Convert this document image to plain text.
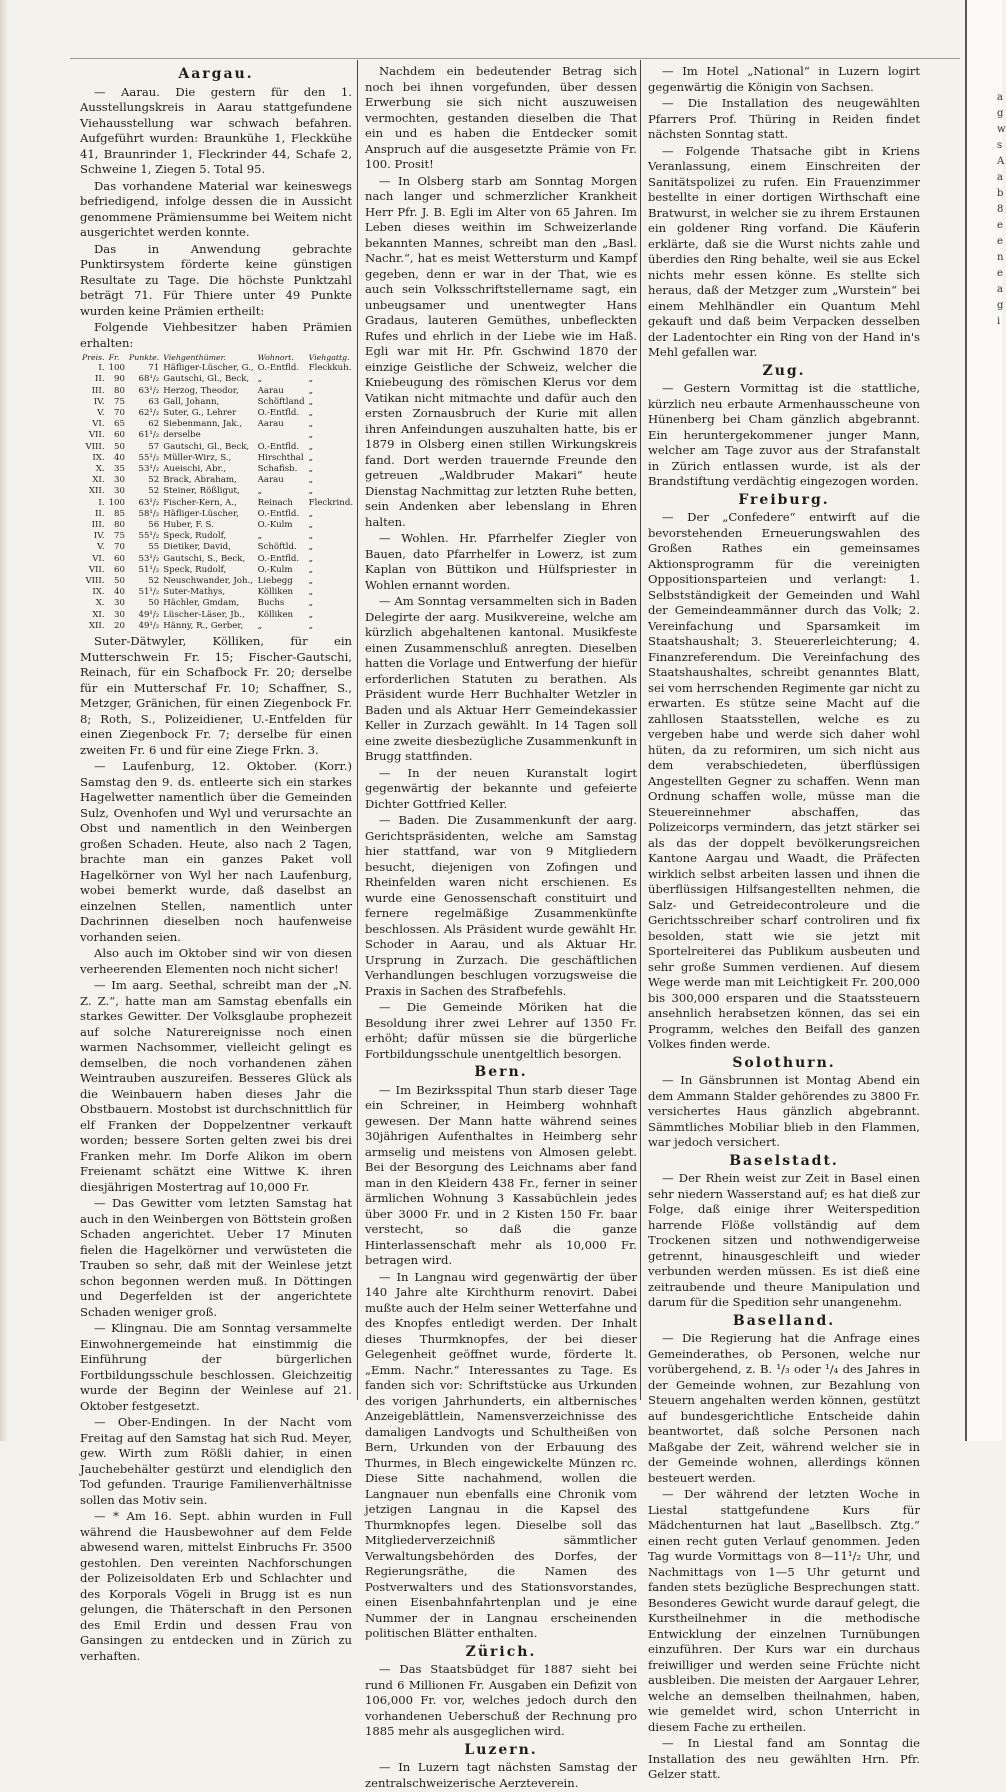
a g w s A a b 8 e e n e a g i
Aargau.

— Aarau. Die gestern für den 1. Ausstellungskreis in Aarau stattgefundene Viehausstellung war schwach befahren. Aufgeführt wurden: Braunkühe 1, Fleckkühe 41, Braunrinder 1, Fleckrinder 44, Schafe 2, Schweine 1, Ziegen 5. Total 95.

Das vorhandene Material war keineswegs befriedigend, infolge dessen die in Aussicht genommene Prämiensumme bei Weitem nicht ausgerichtet werden konnte.

Das in Anwendung gebrachte Punktirsystem förderte keine günstigen Resultate zu Tage. Die höchste Punktzahl beträgt 71. Für Thiere unter 49 Punkte wurden keine Prämien ertheilt:

Folgende Viehbesitzer haben Prämien erhalten:

Preis.	Fr.	Punkte.	Viehgenthümer.	Wohnort.	Viehgattg.
I.	100	71	Häfliger-Lüscher, G.,	O.-Entfld.	Fleckkuh.
II.	90	68¹/₂	Gautschi, Gl., Beck,	„	„
III.	80	63¹/₂	Herzog, Theodor,	Aarau	„
IV.	75	63	Gall, Johann,	Schöftland	„
V.	70	62¹/₂	Suter, G., Lehrer	O.-Entfld.	„
VI.	65	62	Siebenmann, Jak.,	Aarau	„
VII.	60	61¹/₂	derselbe		„
VIII.	50	57	Gautschi, Gl., Beck,	O.-Entfld.	„
IX.	40	55¹/₂	Müller-Wirz, S.,	Hirschthal	„
X.	35	53¹/₂	Aueischi, Abr.,	Schafisb.	„
XI.	30	52	Brack, Abraham,	Aarau	„
XII.	30	52	Steiner, Rößligut,	„	„
I.	100	63¹/₂	Fischer-Kern, A.,	Reinach	Fleckrind.
II.	85	58¹/₂	Häfliger-Lüscher,	O.-Entfld.	„
III.	80	56	Huber, F. S.	O.-Kulm	„
IV.	75	55¹/₂	Speck, Rudolf,	„	„
V.	70	55	Dietiker, David,	Schöftld.	„
VI.	60	53¹/₂	Gautschi, S., Beck,	O.-Entfld.	„
VII.	60	51¹/₂	Speck, Rudolf,	O.-Kulm	„
VIII.	50	52	Neuschwander, Joh.,	Liebegg	„
IX.	40	51¹/₂	Suter-Mathys,	Kölliken	„
X.	30	50	Hächler, Gmdam,	Buchs	„
XI.	30	49¹/₂	Lüscher-Läser, Jb.,	Kölliken	„
XII.	20	49¹/₂	Hänny, R., Gerber,	„	„

Suter-Dätwyler, Kölliken, für ein Mutterschwein Fr. 15; Fischer-Gautschi, Reinach, für ein Schafbock Fr. 20; derselbe für ein Mutterschaf Fr. 10; Schaffner, S., Metzger, Gränichen, für einen Ziegenbock Fr. 8; Roth, S., Polizeidiener, U.-Entfelden für einen Ziegenbock Fr. 7; derselbe für einen zweiten Fr. 6 und für eine Ziege Frkn. 3.

— Laufenburg, 12. Oktober. (Korr.) Samstag den 9. ds. entleerte sich ein starkes Hagelwetter namentlich über die Gemeinden Sulz, Ovenhofen und Wyl und verursachte an Obst und namentlich in den Weinbergen großen Schaden. Heute, also nach 2 Tagen, brachte man ein ganzes Paket voll Hagelkörner von Wyl her nach Laufenburg, wobei bemerkt wurde, daß daselbst an einzelnen Stellen, namentlich unter Dachrinnen dieselben noch haufenweise vorhanden seien.

Also auch im Oktober sind wir von diesen verheerenden Elementen noch nicht sicher!

— Im aarg. Seethal, schreibt man der „N. Z. Z.“, hatte man am Samstag ebenfalls ein starkes Gewitter. Der Volksglaube prophezeit auf solche Naturereignisse noch einen warmen Nachsommer, vielleicht gelingt es demselben, die noch vorhandenen zähen Weintrauben auszureifen. Besseres Glück als die Weinbauern haben dieses Jahr die Obstbauern. Mostobst ist durchschnittlich für elf Franken der Doppelzentner verkauft worden; bessere Sorten gelten zwei bis drei Franken mehr. Im Dorfe Alikon im obern Freienamt schätzt eine Wittwe K. ihren diesjährigen Mostertrag auf 10,000 Fr.

— Das Gewitter vom letzten Samstag hat auch in den Weinbergen von Böttstein großen Schaden angerichtet. Ueber 17 Minuten fielen die Hagelkörner und verwüsteten die Trauben so sehr, daß mit der Weinlese jetzt schon begonnen werden muß. In Döttingen und Degerfelden ist der angerichtete Schaden weniger groß.

— Klingnau. Die am Sonntag versammelte Einwohnergemeinde hat einstimmig die Einführung der bürgerlichen Fortbildungsschule beschlossen. Gleichzeitig wurde der Beginn der Weinlese auf 21. Oktober festgesetzt.

— Ober-Endingen. In der Nacht vom Freitag auf den Samstag hat sich Rud. Meyer, gew. Wirth zum Rößli dahier, in einen Jauchebehälter gestürzt und elendiglich den Tod gefunden. Traurige Familienverhältnisse sollen das Motiv sein.

— * Am 16. Sept. abhin wurden in Full während die Hausbewohner auf dem Felde abwesend waren, mittelst Einbruchs Fr. 3500 gestohlen. Den vereinten Nachforschungen der Polizeisoldaten Erb und Schlachter und des Korporals Vögeli in Brugg ist es nun gelungen, die Thäterschaft in den Personen des Emil Erdin und dessen Frau von Gansingen zu entdecken und in Zürich zu verhaften.

Nachdem ein bedeutender Betrag sich noch bei ihnen vorgefunden, über dessen Erwerbung sie sich nicht auszuweisen vermochten, gestanden dieselben die That ein und es haben die Entdecker somit Anspruch auf die ausgesetzte Prämie von Fr. 100. Prosit!

— In Olsberg starb am Sonntag Morgen nach langer und schmerzlicher Krankheit Herr Pfr. J. B. Egli im Alter von 65 Jahren. Im Leben dieses weithin im Schweizerlande bekannten Mannes, schreibt man den „Basl. Nachr.“, hat es meist Wettersturm und Kampf gegeben, denn er war in der That, wie es auch sein Volksschriftstellername sagt, ein unbeugsamer und unentwegter Hans Gradaus, lauteren Gemüthes, unbefleckten Rufes und ehrlich in der Liebe wie im Haß. Egli war mit Hr. Pfr. Gschwind 1870 der einzige Geistliche der Schweiz, welcher die Kniebeugung des römischen Klerus vor dem Vatikan nicht mitmachte und dafür auch den ersten Zornausbruch der Kurie mit allen ihren Anfeindungen auszuhalten hatte, bis er 1879 in Olsberg einen stillen Wirkungskreis fand. Dort werden trauernde Freunde den getreuen „Waldbruder Makari“ heute Dienstag Nachmittag zur letzten Ruhe betten, sein Andenken aber lebenslang in Ehren halten.

— Wohlen. Hr. Pfarrhelfer Ziegler von Bauen, dato Pfarrhelfer in Lowerz, ist zum Kaplan von Büttikon und Hülfspriester in Wohlen ernannt worden.

— Am Sonntag versammelten sich in Baden Delegirte der aarg. Musikvereine, welche am kürzlich abgehaltenen kantonal. Musikfeste einen Zusammenschluß anregten. Dieselben hatten die Vorlage und Entwerfung der hiefür erforderlichen Statuten zu berathen. Als Präsident wurde Herr Buchhalter Wetzler in Baden und als Aktuar Herr Gemeindekassier Keller in Zurzach gewählt. In 14 Tagen soll eine zweite diesbezügliche Zusammenkunft in Brugg stattfinden.

— In der neuen Kuranstalt logirt gegenwärtig der bekannte und gefeierte Dichter Gottfried Keller.

— Baden. Die Zusammenkunft der aarg. Gerichtspräsidenten, welche am Samstag hier stattfand, war von 9 Mitgliedern besucht, diejenigen von Zofingen und Rheinfelden waren nicht erschienen. Es wurde eine Genossenschaft constituirt und fernere regelmäßige Zusammenkünfte beschlossen. Als Präsident wurde gewählt Hr. Schoder in Aarau, und als Aktuar Hr. Ursprung in Zurzach. Die geschäftlichen Verhandlungen beschlugen vorzugsweise die Praxis in Sachen des Strafbefehls.

— Die Gemeinde Möriken hat die Besoldung ihrer zwei Lehrer auf 1350 Fr. erhöht; dafür müssen sie die bürgerliche Fortbildungsschule unentgeltlich besorgen.

Bern.

— Im Bezirksspital Thun starb dieser Tage ein Schreiner, in Heimberg wohnhaft gewesen. Der Mann hatte während seines 30jährigen Aufenthaltes in Heimberg sehr armselig und meistens von Almosen gelebt. Bei der Besorgung des Leichnams aber fand man in den Kleidern 438 Fr., ferner in seiner ärmlichen Wohnung 3 Kassabüchlein jedes über 3000 Fr. und in 2 Kisten 150 Fr. baar verstecht, so daß die ganze Hinterlassenschaft mehr als 10,000 Fr. betragen wird.

— In Langnau wird gegenwärtig der über 140 Jahre alte Kirchthurm renovirt. Dabei mußte auch der Helm seiner Wetterfahne und des Knopfes entledigt werden. Der Inhalt dieses Thurmknopfes, der bei dieser Gelegenheit geöffnet wurde, förderte lt. „Emm. Nachr.“ Interessantes zu Tage. Es fanden sich vor: Schriftstücke aus Urkunden des vorigen Jahrhunderts, ein altbernisches Anzeigeblättlein, Namensverzeichnisse des damaligen Landvogts und Schultheißen von Bern, Urkunden von der Erbauung des Thurmes, in Blech eingewickelte Münzen rc. Diese Sitte nachahmend, wollen die Langnauer nun ebenfalls eine Chronik vom jetzigen Langnau in die Kapsel des Thurmknopfes legen. Dieselbe soll das Mitgliederverzeichniß sämmtlicher Verwaltungsbehörden des Dorfes, der Regierungsräthe, die Namen des Postverwalters und des Stationsvorstandes, einen Eisenbahnfahrtenplan und je eine Nummer der in Langnau erscheinenden politischen Blätter enthalten.

Zürich.

— Das Staatsbüdget für 1887 sieht bei rund 6 Millionen Fr. Ausgaben ein Defizit von 106,000 Fr. vor, welches jedoch durch den vorhandenen Ueberschuß der Rechnung pro 1885 mehr als ausgeglichen wird.

Luzern.

— In Luzern tagt nächsten Samstag der zentralschweizerische Aerzteverein.

— Im Hotel „National“ in Luzern logirt gegenwärtig die Königin von Sachsen.

— Die Installation des neugewählten Pfarrers Prof. Thüring in Reiden findet nächsten Sonntag statt.

— Folgende Thatsache gibt in Kriens Veranlassung, einem Einschreiten der Sanitätspolizei zu rufen. Ein Frauenzimmer bestellte in einer dortigen Wirthschaft eine Bratwurst, in welcher sie zu ihrem Erstaunen ein goldener Ring vorfand. Die Käuferin erklärte, daß sie die Wurst nichts zahle und überdies den Ring behalte, weil sie aus Eckel nichts mehr essen könne. Es stellte sich heraus, daß der Metzger zum „Wurstein“ bei einem Mehlhändler ein Quantum Mehl gekauft und daß beim Verpacken desselben der Ladentochter ein Ring von der Hand in's Mehl gefallen war.

Zug.

— Gestern Vormittag ist die stattliche, kürzlich neu erbaute Armenhausscheune von Hünenberg bei Cham gänzlich abgebrannt. Ein heruntergekommener junger Mann, welcher am Tage zuvor aus der Strafanstalt in Zürich entlassen wurde, ist als der Brandstiftung verdächtig eingezogen worden.

Freiburg.

— Der „Confedere“ entwirft auf die bevorstehenden Erneuerungswahlen des Großen Rathes ein gemeinsames Aktionsprogramm für die vereinigten Oppositionsparteien und verlangt: 1. Selbstständigkeit der Gemeinden und Wahl der Gemeindeammänner durch das Volk; 2. Vereinfachung und Sparsamkeit im Staatshaushalt; 3. Steuererleichterung; 4. Finanzreferendum. Die Vereinfachung des Staatshaushaltes, schreibt genanntes Blatt, sei vom herrschenden Regimente gar nicht zu erwarten. Es stütze seine Macht auf die zahllosen Staatsstellen, welche es zu vergeben habe und werde sich daher wohl hüten, da zu reformiren, um sich nicht aus dem verabschiedeten, überflüssigen Angestellten Gegner zu schaffen. Wenn man Ordnung schaffen wolle, müsse man die Steuereinnehmer abschaffen, das Polizeicorps vermindern, das jetzt stärker sei als das der doppelt bevölkerungsreichen Kantone Aargau und Waadt, die Präfecten wirklich selbst arbeiten lassen und ihnen die überflüssigen Hilfsangestellten nehmen, die Salz- und Getreidecontroleure und die Gerichtsschreiber scharf controliren und fix besolden, statt wie sie jetzt mit Sportelreiterei das Publikum ausbeuten und sehr große Summen verdienen. Auf diesem Wege werde man mit Leichtigkeit Fr. 200,000 bis 300,000 ersparen und die Staatssteuern ansehnlich herabsetzen können, das sei ein Programm, welches den Beifall des ganzen Volkes finden werde.

Solothurn.

— In Gänsbrunnen ist Montag Abend ein dem Ammann Stalder gehörendes zu 3800 Fr. versichertes Haus gänzlich abgebrannt. Sämmtliches Mobiliar blieb in den Flammen, war jedoch versichert.

Baselstadt.

— Der Rhein weist zur Zeit in Basel einen sehr niedern Wasserstand auf; es hat dieß zur Folge, daß einige ihrer Weiterspedition harrende Flöße vollständig auf dem Trockenen sitzen und nothwendigerweise getrennt, hinausgeschleift und wieder verbunden werden müssen. Es ist dieß eine zeitraubende und theure Manipulation und darum für die Spedition sehr unangenehm.

Baselland.

— Die Regierung hat die Anfrage eines Gemeinderathes, ob Personen, welche nur vorübergehend, z. B. ¹/₃ oder ¹/₄ des Jahres in der Gemeinde wohnen, zur Bezahlung von Steuern angehalten werden können, gestützt auf bundesgerichtliche Entscheide dahin beantwortet, daß solche Personen nach Maßgabe der Zeit, während welcher sie in der Gemeinde wohnen, allerdings können besteuert werden.

— Der während der letzten Woche in Liestal stattgefundene Kurs für Mädchenturnen hat laut „Basellbsch. Ztg.“ einen recht guten Verlauf genommen. Jeden Tag wurde Vormittags von 8—11¹/₂ Uhr, und Nachmittags von 1—5 Uhr geturnt und fanden stets bezügliche Besprechungen statt. Besonderes Gewicht wurde darauf gelegt, die Kurstheilnehmer in die methodische Entwicklung der einzelnen Turnübungen einzuführen. Der Kurs war ein durchaus freiwilliger und werden seine Früchte nicht ausbleiben. Die meisten der Aargauer Lehrer, welche an demselben theilnahmen, haben, wie gemeldet wird, schon Unterricht in diesem Fache zu ertheilen.

— In Liestal fand am Sonntag die Installation des neu gewählten Hrn. Pfr. Gelzer statt.
